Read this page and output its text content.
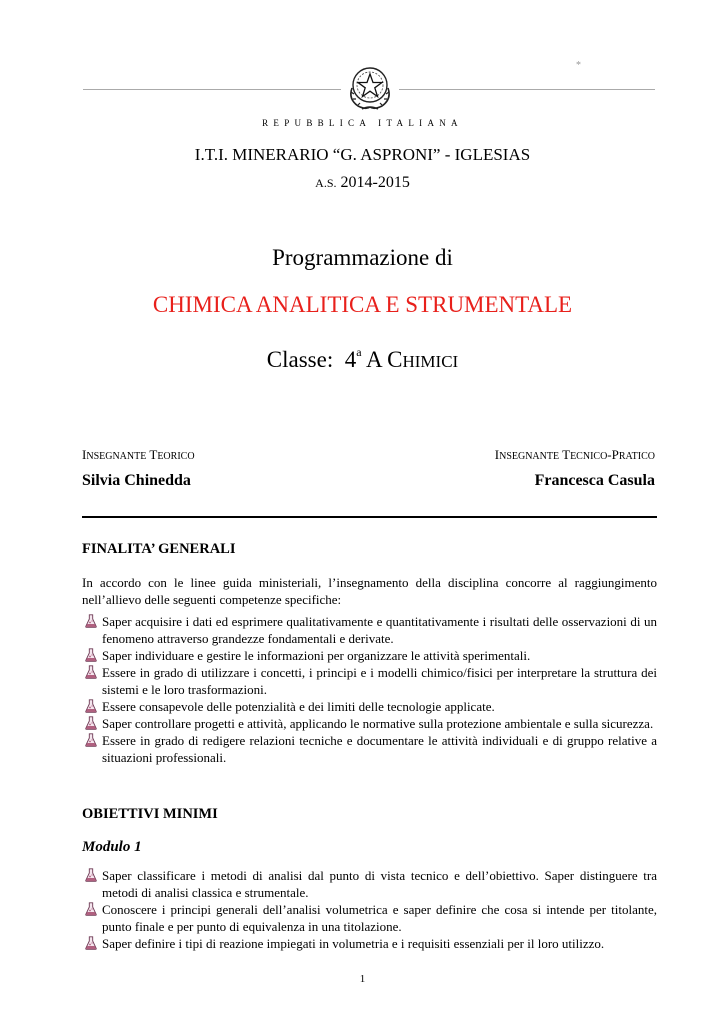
*
REPUBBLICA ITALIANA
I.T.I. MINERARIO “G. ASPRONI” - IGLESIAS
A.S. 2014-2015
Programmazione di
CHIMICA ANALITICA E STRUMENTALE
Classe: 4$^a$ A CHIMICI
INSEGNANTE TEORICO
Silvia Chinedda
INSEGNANTE TECNICO-PRATICO
Francesca Casula
FINALITA’ GENERALI
In accordo con le linee guida ministeriali, l’insegnamento della disciplina concorre al raggiungimento nell’allievo delle seguenti competenze specifiche:
Saper acquisire i dati ed esprimere qualitativamente e quantitativamente i risultati delle osservazioni di un fenomeno attraverso grandezze fondamentali e derivate.
Saper individuare e gestire le informazioni per organizzare le attività sperimentali.
Essere in grado di utilizzare i concetti, i principi e i modelli chimico/fisici per interpretare la struttura dei sistemi e le loro trasformazioni.
Essere consapevole delle potenzialità e dei limiti delle tecnologie applicate.
Saper controllare progetti e attività, applicando le normative sulla protezione ambientale e sulla sicurezza.
Essere in grado di redigere relazioni tecniche e documentare le attività individuali e di gruppo relative a situazioni professionali.
OBIETTIVI MINIMI
Modulo 1
Saper classificare i metodi di analisi dal punto di vista tecnico e dell’obiettivo. Saper distinguere tra metodi di analisi classica e strumentale.
Conoscere i principi generali dell’analisi volumetrica e saper definire che cosa si intende per titolante, punto finale e per punto di equivalenza in una titolazione.
Saper definire i tipi di reazione impiegati in volumetria e i requisiti essenziali per il loro utilizzo.
1
